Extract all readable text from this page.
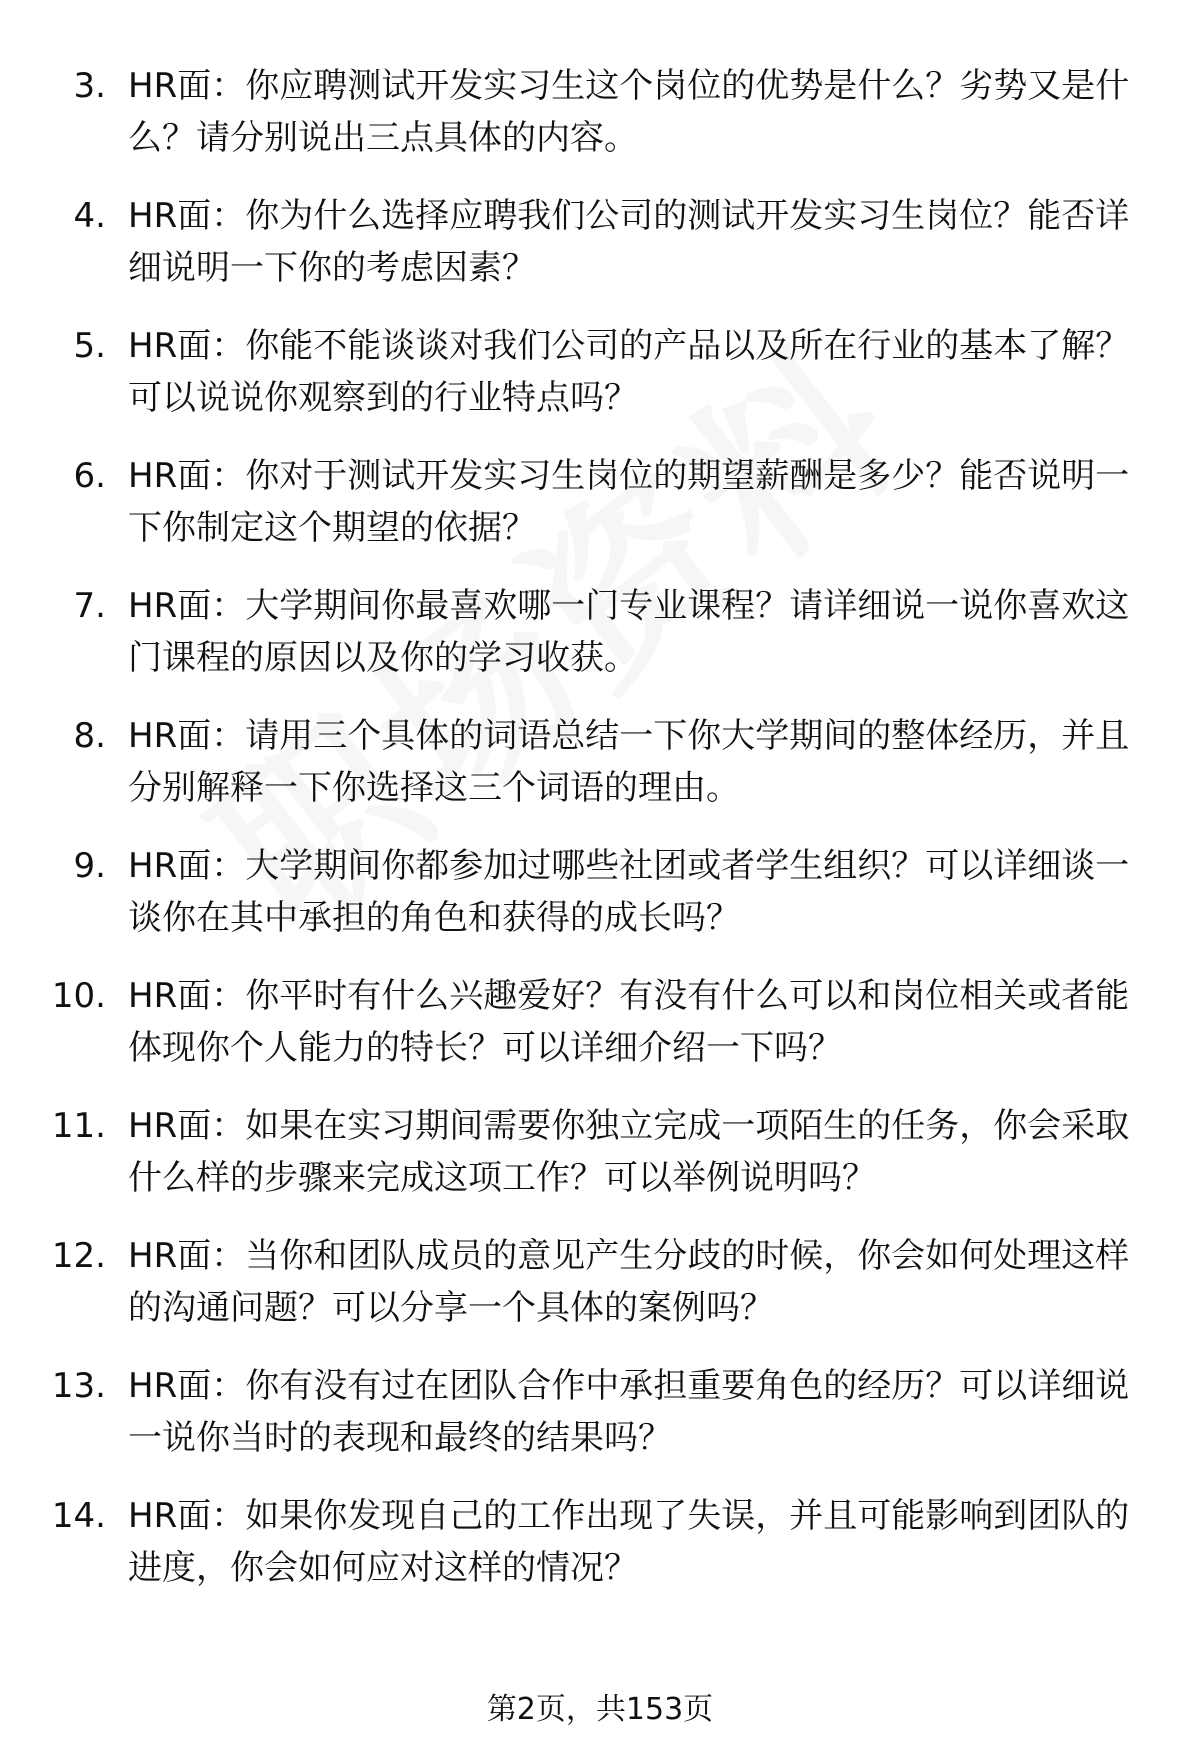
3. HR面：你应聘测试开发实习生这个岗位的优势是什么？劣势又是什么？请分别说出三点具体的内容。
4. HR面：你为什么选择应聘我们公司的测试开发实习生岗位？能否详细说明一下你的考虑因素？
5. HR面：你能不能谈谈对我们公司的产品以及所在行业的基本了解？可以说说你观察到的行业特点吗？
6. HR面：你对于测试开发实习生岗位的期望薪酬是多少？能否说明一下你制定这个期望的依据？
7. HR面：大学期间你最喜欢哪一门专业课程？请详细说一说你喜欢这门课程的原因以及你的学习收获。
8. HR面：请用三个具体的词语总结一下你大学期间的整体经历，并且分别解释一下你选择这三个词语的理由。
9. HR面：大学期间你都参加过哪些社团或者学生组织？可以详细谈一谈你在其中承担的角色和获得的成长吗？
10. HR面：你平时有什么兴趣爱好？有没有什么可以和岗位相关或者能体现你个人能力的特长？可以详细介绍一下吗？
11. HR面：如果在实习期间需要你独立完成一项陌生的任务，你会采取什么样的步骤来完成这项工作？可以举例说明吗？
12. HR面：当你和团队成员的意见产生分歧的时候，你会如何处理这样的沟通问题？可以分享一个具体的案例吗？
13. HR面：你有没有过在团队合作中承担重要角色的经历？可以详细说一说你当时的表现和最终的结果吗？
14. HR面：如果你发现自己的工作出现了失误，并且可能影响到团队的进度，你会如何应对这样的情况？
第2页，共153页
